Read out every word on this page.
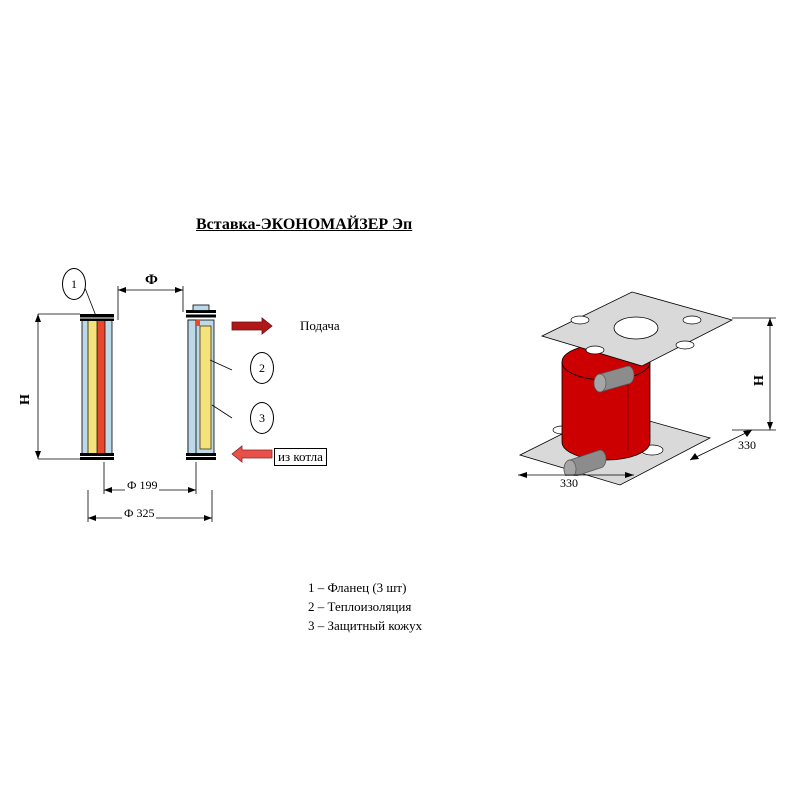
Вставка-ЭКОНОМАЙЗЕР Эп
1
2
3
Ф
Н
Ф 199
Ф 325
Подача
из котла
Н
330
330
1 – Фланец (3 шт)
2 – Теплоизоляция
3 – Защитный кожух
